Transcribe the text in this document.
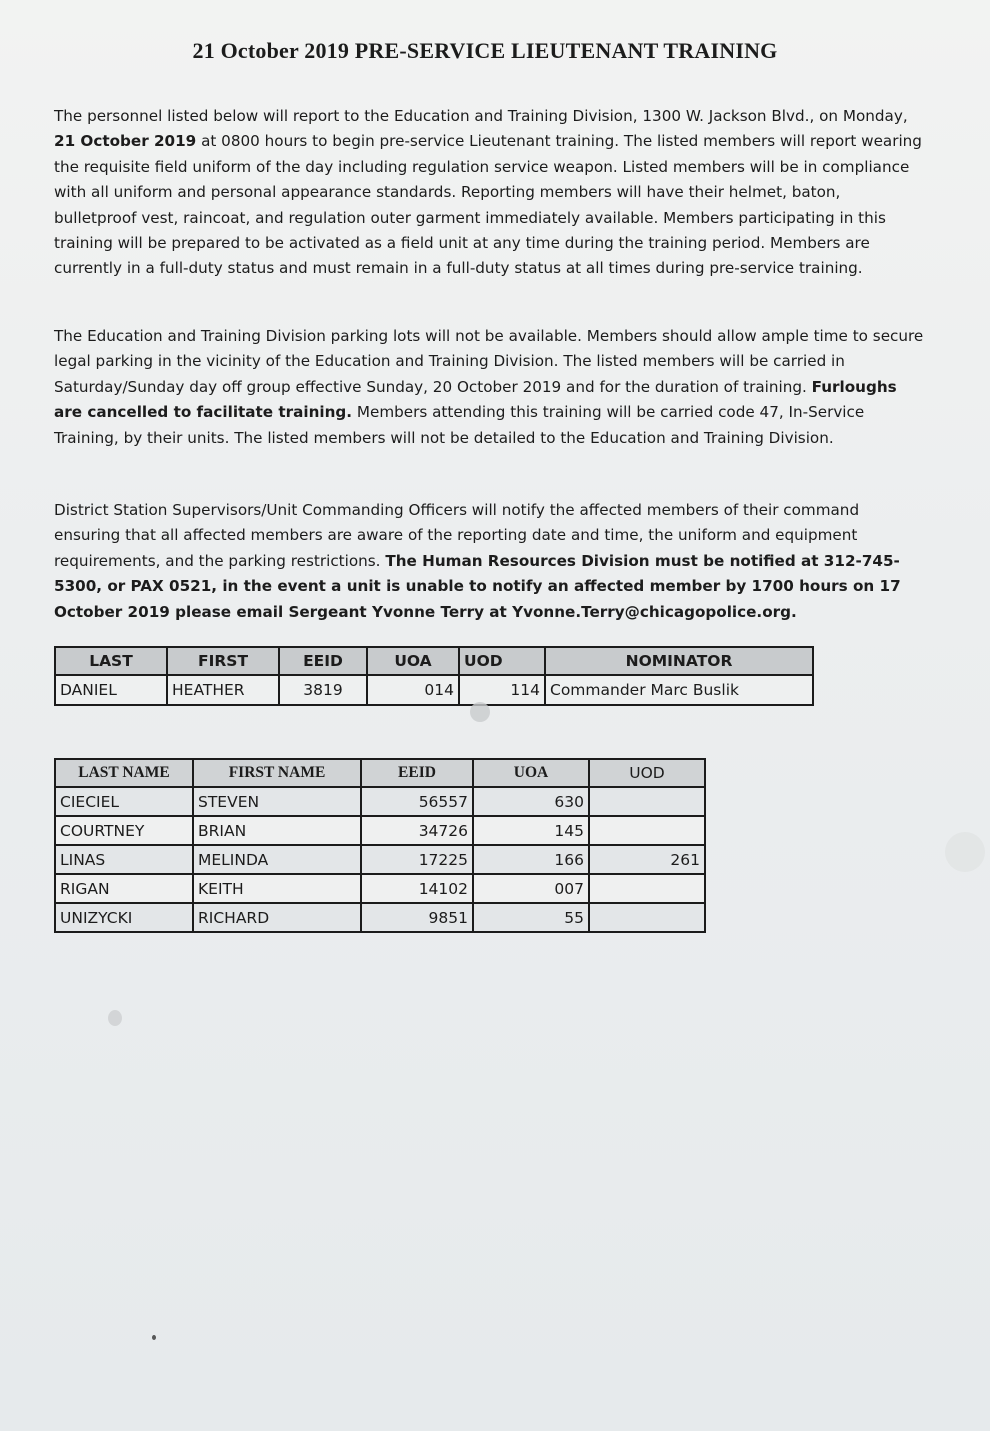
21 October 2019 PRE-SERVICE LIEUTENANT TRAINING

The personnel listed below will report to the Education and Training Division, 1300 W. Jackson Blvd., on Monday, 21 October 2019 at 0800 hours to begin pre-service Lieutenant training. The listed members will report wearing the requisite field uniform of the day including regulation service weapon. Listed members will be in compliance with all uniform and personal appearance standards. Reporting members will have their helmet, baton, bulletproof vest, raincoat, and regulation outer garment immediately available. Members participating in this training will be prepared to be activated as a field unit at any time during the training period. Members are currently in a full-duty status and must remain in a full-duty status at all times during pre-service training.

The Education and Training Division parking lots will not be available. Members should allow ample time to secure legal parking in the vicinity of the Education and Training Division. The listed members will be carried in Saturday/Sunday day off group effective Sunday, 20 October 2019 and for the duration of training. Furloughs are cancelled to facilitate training. Members attending this training will be carried code 47, In-Service Training, by their units. The listed members will not be detailed to the Education and Training Division.

District Station Supervisors/Unit Commanding Officers will notify the affected members of their command ensuring that all affected members are aware of the reporting date and time, the uniform and equipment requirements, and the parking restrictions. The Human Resources Division must be notified at 312-745-5300, or PAX 0521, in the event a unit is unable to notify an affected member by 1700 hours on 17 October 2019 please email Sergeant Yvonne Terry at Yvonne.Terry@chicagopolice.org.

LAST	FIRST	EEID	UOA	UOD	NOMINATOR
DANIEL	HEATHER	3819	014	114	Commander Marc Buslik
LAST NAME	FIRST NAME	EEID	UOA	UOD
CIECIEL	STEVEN	56557	630	
COURTNEY	BRIAN	34726	145	
LINAS	MELINDA	17225	166	261
RIGAN	KEITH	14102	007	
UNIZYCKI	RICHARD	9851	55	
